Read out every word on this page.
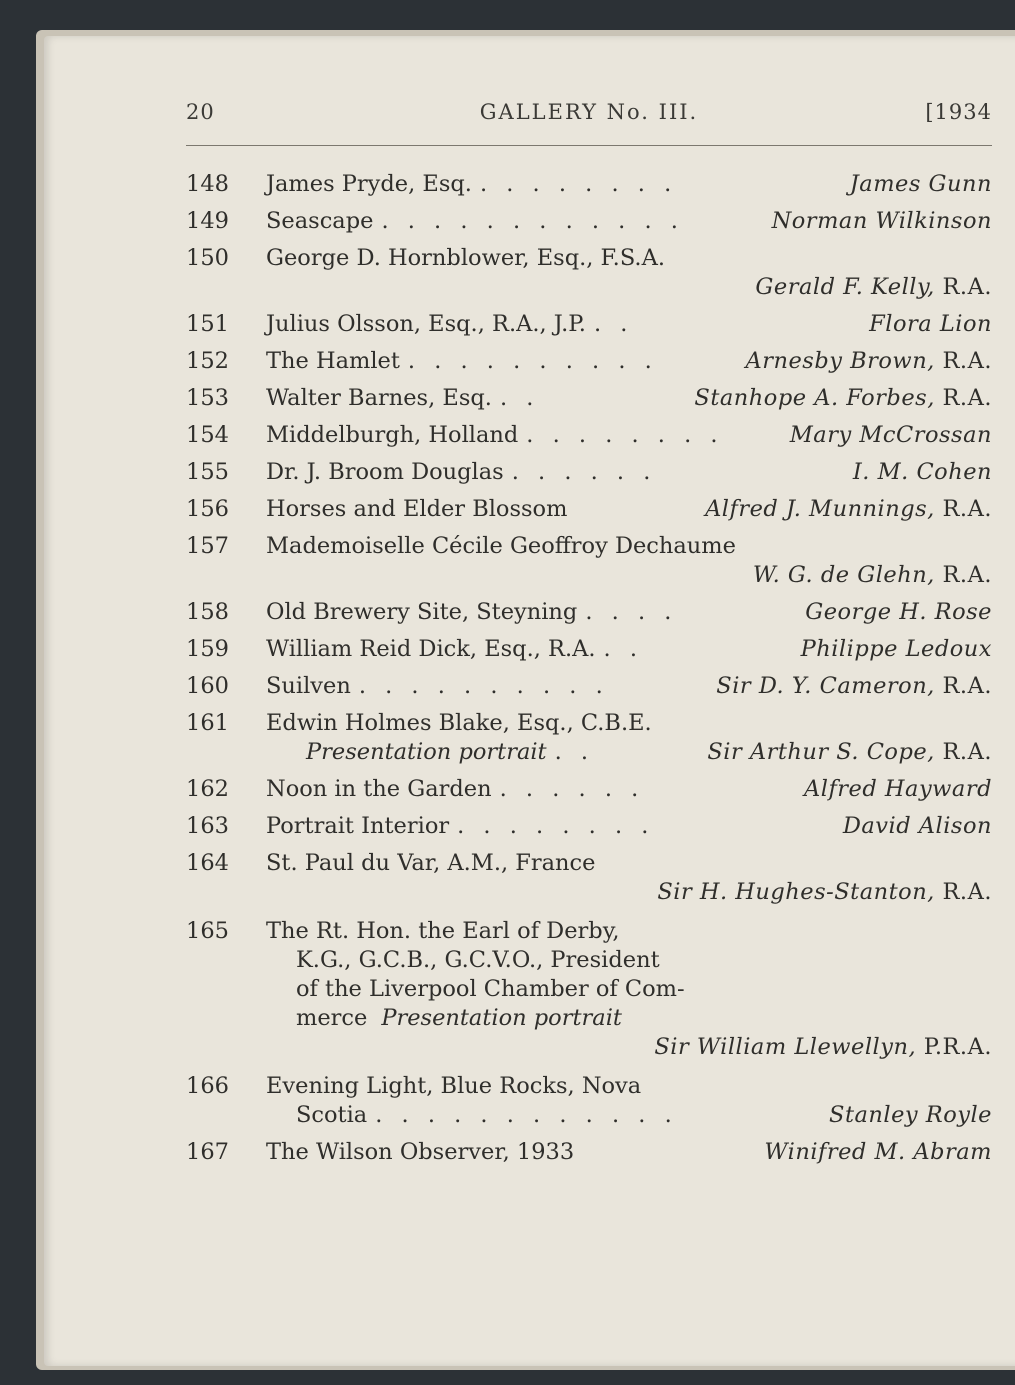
20	GALLERY No. III.	[1934
148	James Pryde, Esq. . . . . . . . .	James Gunn
149	Seascape . . . . . . . . . . . .	Norman Wilkinson
150	George D. Hornblower, Esq., F.S.A.
Gerald F. Kelly, R.A.
151	Julius Olsson, Esq., R.A., J.P. . .	Flora Lion
152	The Hamlet . . . . . . . . . .	Arnesby Brown, R.A.
153	Walter Barnes, Esq. . .	Stanhope A. Forbes, R.A.
154	Middelburgh, Holland . . . . . . . .	Mary McCrossan
155	Dr. J. Broom Douglas . . . . . .	I. M. Cohen
156	Horses and Elder Blossom	Alfred J. Munnings, R.A.
157	Mademoiselle Cécile Geoffroy Dechaume
W. G. de Glehn, R.A.
158	Old Brewery Site, Steyning . . . .	George H. Rose
159	William Reid Dick, Esq., R.A. . .	Philippe Ledoux
160	Suilven . . . . . . . . . .	Sir D. Y. Cameron, R.A.
161	Edwin Holmes Blake, Esq., C.B.E.
Presentation portrait . .	Sir Arthur S. Cope, R.A.
162	Noon in the Garden . . . . . .	Alfred Hayward
163	Portrait Interior . . . . . . . .	David Alison
164	St. Paul du Var, A.M., France
Sir H. Hughes-Stanton, R.A.
165	The Rt. Hon. the Earl of Derby,
K.G., G.C.B., G.C.V.O., President
of the Liverpool Chamber of Com-
merce Presentation portrait
Sir William Llewellyn, P.R.A.
166	Evening Light, Blue Rocks, Nova
Scotia . . . . . . . . . . . .	Stanley Royle
167	The Wilson Observer, 1933	Winifred M. Abram
